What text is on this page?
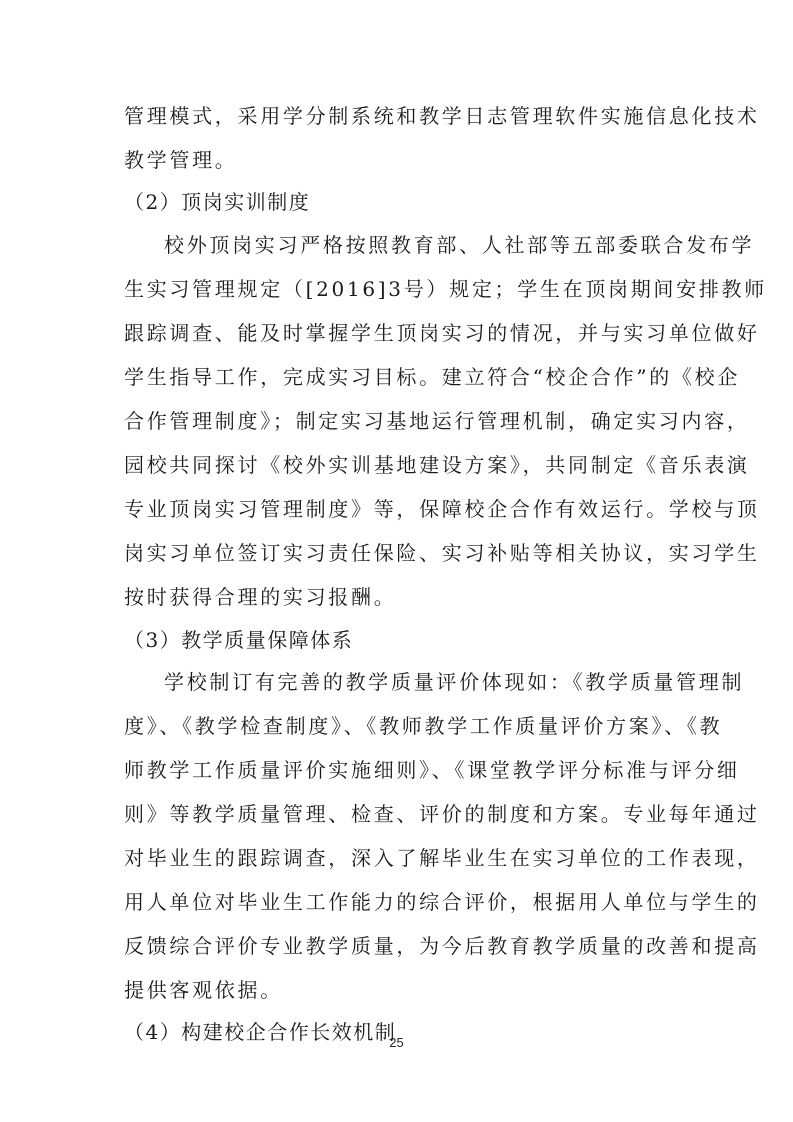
管理模式，采用学分制系统和教学日志管理软件实施信息化技术
教学管理。
（2）顶岗实训制度
校外顶岗实习严格按照教育部、人社部等五部委联合发布学
生实习管理规定（[2016]3号）规定；学生在顶岗期间安排教师
跟踪调查、能及时掌握学生顶岗实习的情况，并与实习单位做好
学生指导工作，完成实习目标。建立符合“校企合作”的《校企
合作管理制度》；制定实习基地运行管理机制，确定实习内容，
园校共同探讨《校外实训基地建设方案》，共同制定《音乐表演
专业顶岗实习管理制度》等，保障校企合作有效运行。学校与顶
岗实习单位签订实习责任保险、实习补贴等相关协议，实习学生
按时获得合理的实习报酬。
（3）教学质量保障体系
学校制订有完善的教学质量评价体现如：《教学质量管理制
度》、《教学检查制度》、《教师教学工作质量评价方案》、《教
师教学工作质量评价实施细则》、《课堂教学评分标准与评分细
则》等教学质量管理、检查、评价的制度和方案。专业每年通过
对毕业生的跟踪调查，深入了解毕业生在实习单位的工作表现，
用人单位对毕业生工作能力的综合评价，根据用人单位与学生的
反馈综合评价专业教学质量，为今后教育教学质量的改善和提高
提供客观依据。
（4）构建校企合作长效机制
25
